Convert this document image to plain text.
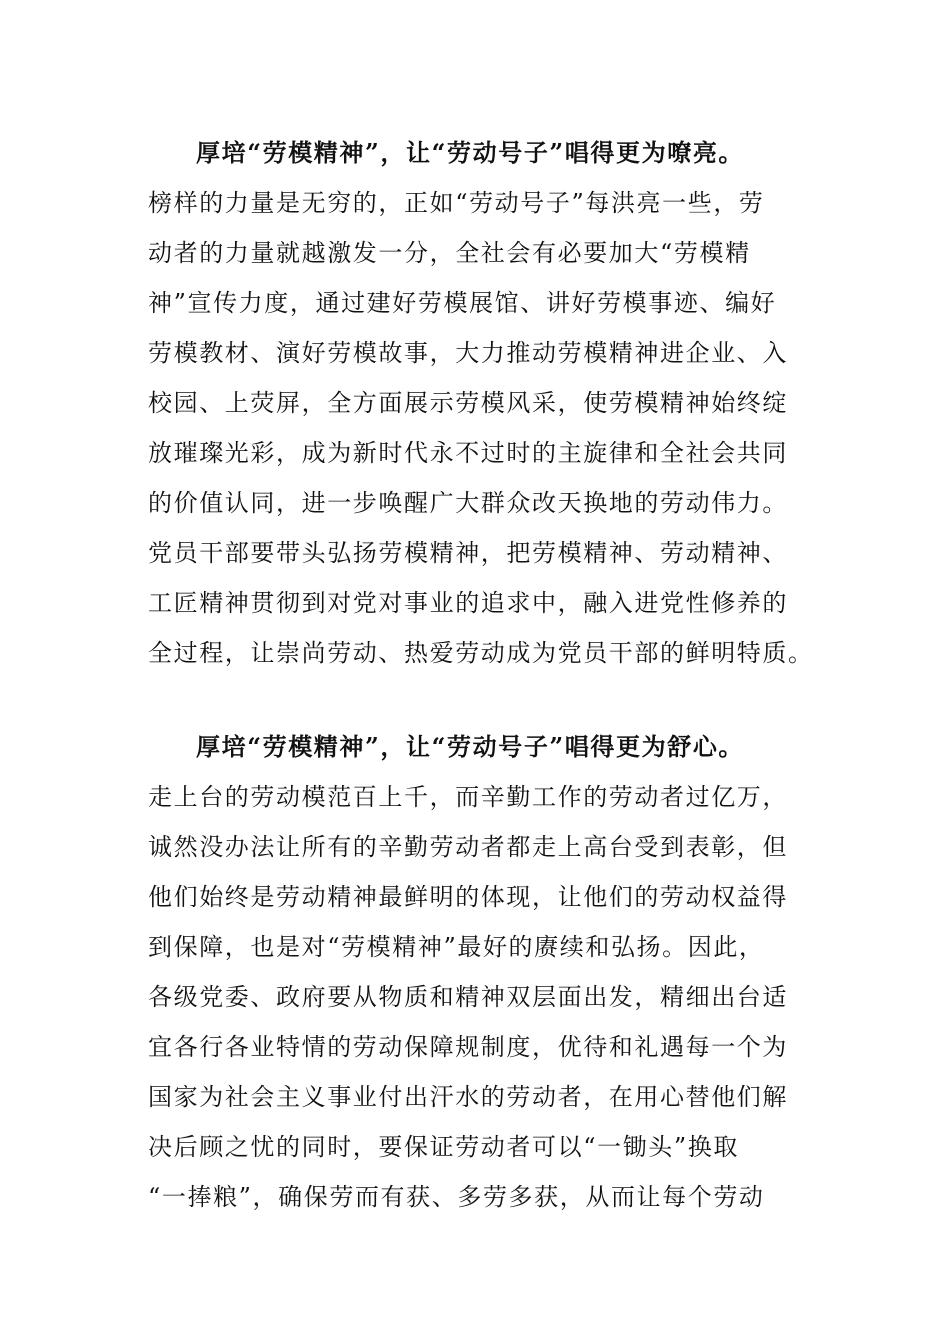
厚培“劳模精神”，让“劳动号子”唱得更为嘹亮。
榜样的力量是无穷的，正如“劳动号子”每洪亮一些，劳
动者的力量就越激发一分，全社会有必要加大“劳模精
神”宣传力度，通过建好劳模展馆、讲好劳模事迹、编好
劳模教材、演好劳模故事，大力推动劳模精神进企业、入
校园、上荧屏，全方面展示劳模风采，使劳模精神始终绽
放璀璨光彩，成为新时代永不过时的主旋律和全社会共同
的价值认同，进一步唤醒广大群众改天换地的劳动伟力。
党员干部要带头弘扬劳模精神，把劳模精神、劳动精神、
工匠精神贯彻到对党对事业的追求中，融入进党性修养的
全过程，让崇尚劳动、热爱劳动成为党员干部的鲜明特质。
厚培“劳模精神”，让“劳动号子”唱得更为舒心。
走上台的劳动模范百上千，而辛勤工作的劳动者过亿万，
诚然没办法让所有的辛勤劳动者都走上高台受到表彰，但
他们始终是劳动精神最鲜明的体现，让他们的劳动权益得
到保障，也是对“劳模精神”最好的赓续和弘扬。因此，
各级党委、政府要从物质和精神双层面出发，精细出台适
宜各行各业特情的劳动保障规制度，优待和礼遇每一个为
国家为社会主义事业付出汗水的劳动者，在用心替他们解
决后顾之忧的同时，要保证劳动者可以“一锄头”换取
“一捧粮”，确保劳而有获、多劳多获，从而让每个劳动
